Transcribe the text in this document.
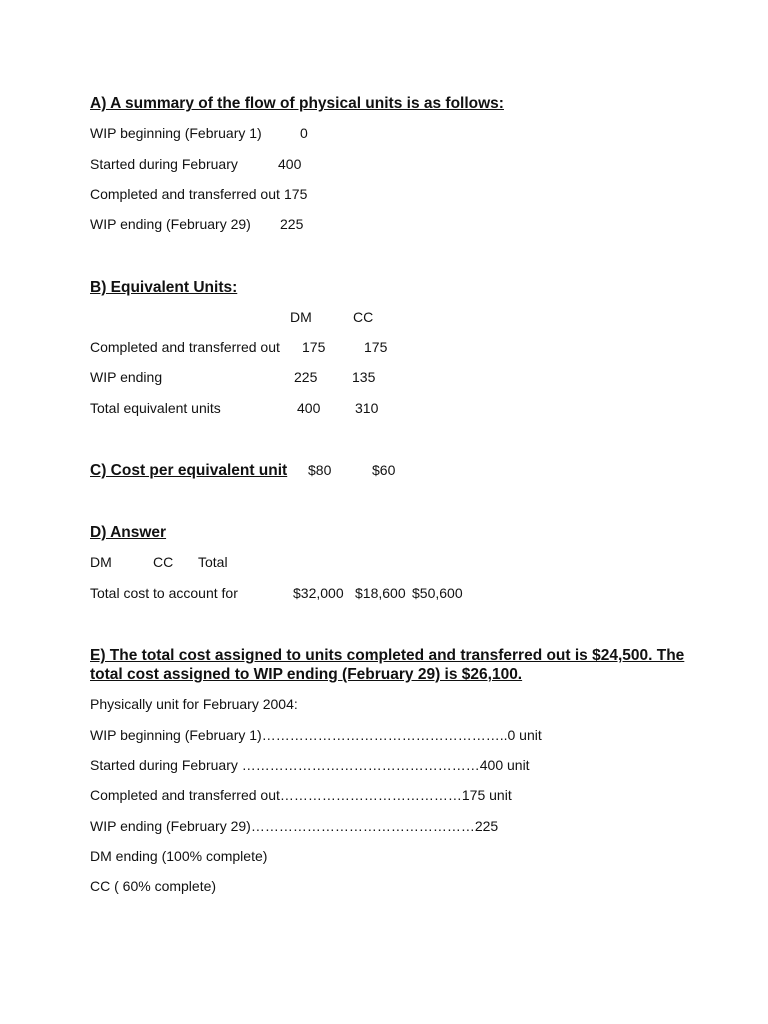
A) A summary of the flow of physical units is as follows:
WIP beginning (February 1)	0
Started during February	400
Completed and transferred out 175
WIP ending (February 29) 225
B) Equivalent Units:
DM	CC
Completed and transferred out 175	175
WIP ending	225 135
Total equivalent units	400 310
C) Cost per equivalent unit $80	$60
D) Answer
DM	CC Total
Total cost to account for	$32,000 $18,600 $50,600
E) The total cost assigned to units completed and transferred out is $24,500. The
total cost assigned to WIP ending (February 29) is $26,100.
Physically unit for February 2004:
WIP beginning (February 1)……………………………………………..0 unit
Started during February ……………………………………………400 unit
Completed and transferred out…………………………………175 unit
WIP ending (February 29)…………………………………………225
DM ending (100% complete)
CC ( 60% complete)
